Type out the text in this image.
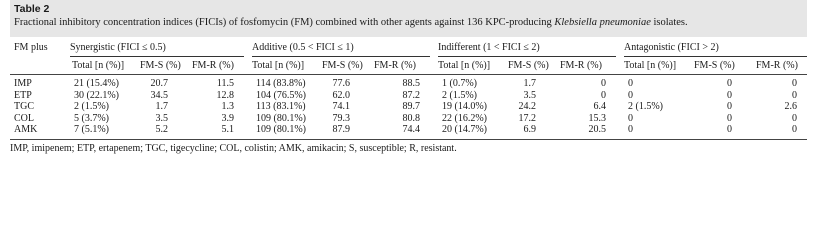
Table 2
Fractional inhibitory concentration indices (FICIs) of fosfomycin (FM) combined with other agents against 136 KPC-producing Klebsiella pneumoniae isolates.
FM plus	Synergistic (FICI ≤ 0.5)				Additive (0.5 < FICI ≤ 1)				Indifferent (1 < FICI ≤ 2)				Antagonistic (FICI > 2)		
	Total [n (%)]	FM-S (%)	FM-R (%)		Total [n (%)]	FM-S (%)	FM-R (%)		Total [n (%)]	FM-S (%)	FM-R (%)		Total [n (%)]	FM-S (%)	FM-R (%)
IMP	21 (15.4%)	20.7	11.5		114 (83.8%)	77.6	88.5		1 (0.7%)	1.7	0		0	0	0
ETP	30 (22.1%)	34.5	12.8		104 (76.5%)	62.0	87.2		2 (1.5%)	3.5	0		0	0	0
TGC	2 (1.5%)	1.7	1.3		113 (83.1%)	74.1	89.7		19 (14.0%)	24.2	6.4		2 (1.5%)	0	2.6
COL	5 (3.7%)	3.5	3.9		109 (80.1%)	79.3	80.8		22 (16.2%)	17.2	15.3		0	0	0
AMK	7 (5.1%)	5.2	5.1		109 (80.1%)	87.9	74.4		20 (14.7%)	6.9	20.5		0	0	0
IMP, imipenem; ETP, ertapenem; TGC, tigecycline; COL, colistin; AMK, amikacin; S, susceptible; R, resistant.
